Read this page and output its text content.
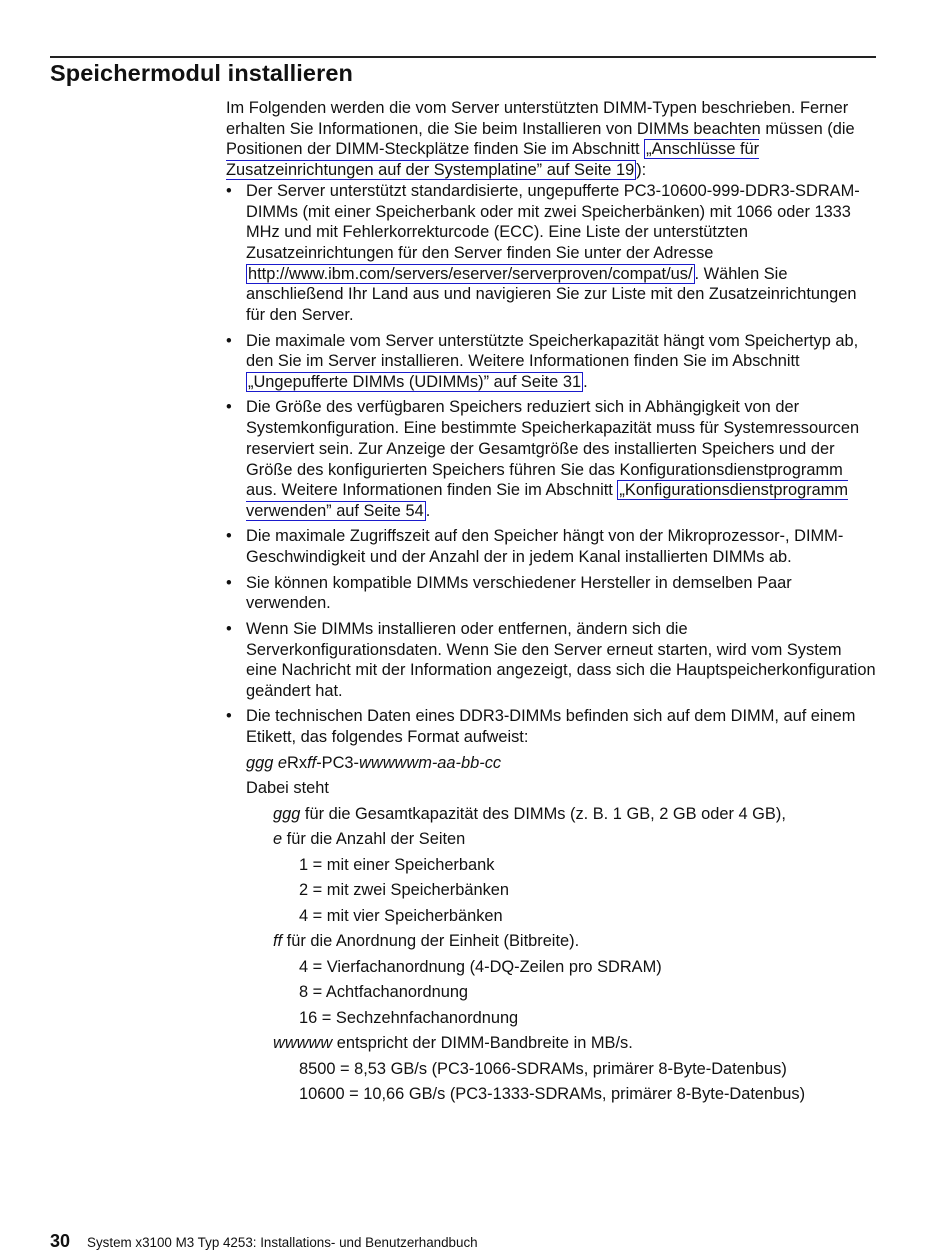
Speichermodul installieren

Im Folgenden werden die vom Server unterstützten DIMM-Typen beschrieben. Ferner erhalten Sie Informationen, die Sie beim Installieren von DIMMs beachten müssen (die Positionen der DIMM-Steckplätze finden Sie im Abschnitt „Anschlüsse für Zusatzeinrichtungen auf der Systemplatine” auf Seite 19 ):

• Der Server unterstützt standardisierte, ungepufferte PC3-10600-999-DDR3-SDRAM-DIMMs (mit einer Speicherbank oder mit zwei Speicherbänken) mit 1066 oder 1333 MHz und mit Fehlerkorrekturcode (ECC). Eine Liste der unterstützten Zusatzeinrichtungen für den Server finden Sie unter der Adresse http://www.ibm.com/servers/eserver/serverproven/compat/us/ . Wählen Sie anschließend Ihr Land aus und navigieren Sie zur Liste mit den Zusatzeinrichtungen für den Server.
• Die maximale vom Server unterstützte Speicherkapazität hängt vom Speichertyp ab, den Sie im Server installieren. Weitere Informationen finden Sie im Abschnitt „Ungepufferte DIMMs (UDIMMs)” auf Seite 31 .
• Die Größe des verfügbaren Speichers reduziert sich in Abhängigkeit von der Systemkonfiguration. Eine bestimmte Speicherkapazität muss für Systemressourcen reserviert sein. Zur Anzeige der Gesamtgröße des installierten Speichers und der Größe des konfigurierten Speichers führen Sie das Konfigurationsdienstprogramm aus. Weitere Informationen finden Sie im Abschnitt „Konfigurationsdienstprogramm verwenden” auf Seite 54 .
• Die maximale Zugriffszeit auf den Speicher hängt von der Mikroprozessor-, DIMM-Geschwindigkeit und der Anzahl der in jedem Kanal installierten DIMMs ab.
• Sie können kompatible DIMMs verschiedener Hersteller in demselben Paar verwenden.
• Wenn Sie DIMMs installieren oder entfernen, ändern sich die Serverkonfigurationsdaten. Wenn Sie den Server erneut starten, wird vom System eine Nachricht mit der Information angezeigt, dass sich die Hauptspeicherkonfiguration geändert hat.
• Die technischen Daten eines DDR3-DIMMs befinden sich auf dem DIMM, auf einem Etikett, das folgendes Format aufweist:

ggg eRxff-PC3-wwwwwm-aa-bb-cc

Dabei steht

ggg für die Gesamtkapazität des DIMMs (z. B. 1 GB, 2 GB oder 4 GB),

e für die Anzahl der Seiten

1 = mit einer Speicherbank

2 = mit zwei Speicherbänken

4 = mit vier Speicherbänken

ff für die Anordnung der Einheit (Bitbreite).

4 = Vierfachanordnung (4-DQ-Zeilen pro SDRAM)

8 = Achtfachanordnung

16 = Sechzehnfachanordnung

wwwww entspricht der DIMM-Bandbreite in MB/s.

8500 = 8,53 GB/s (PC3-1066-SDRAMs, primärer 8-Byte-Datenbus)

10600 = 10,66 GB/s (PC3-1333-SDRAMs, primärer 8-Byte-Datenbus)

30 System x3100 M3 Typ 4253: Installations- und Benutzerhandbuch
